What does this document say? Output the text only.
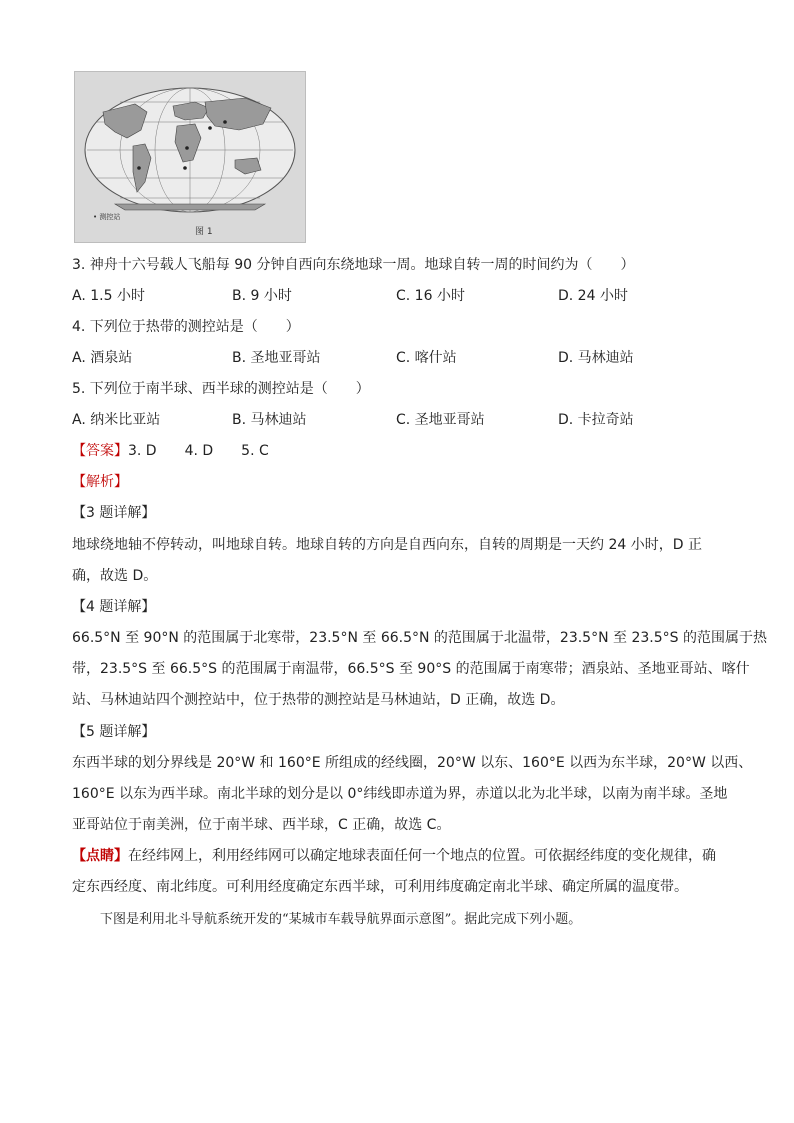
• 测控站
图 1
3. 神舟十六号载人飞船每 90 分钟自西向东绕地球一周。地球自转一周的时间约为（　　）
A. 1.5 小时	B. 9 小时	C. 16 小时	D. 24 小时
4. 下列位于热带的测控站是（　　）
A. 酒泉站	B. 圣地亚哥站	C. 喀什站	D. 马林迪站
5. 下列位于南半球、西半球的测控站是（　　）
A. 纳米比亚站	B. 马林迪站	C. 圣地亚哥站	D. 卡拉奇站
【答案】3. D　　4. D　　5. C
【解析】
【3 题详解】
地球绕地轴不停转动，叫地球自转。地球自转的方向是自西向东，自转的周期是一天约 24 小时，D 正
确，故选 D。
【4 题详解】
66.5°N 至 90°N 的范围属于北寒带，23.5°N 至 66.5°N 的范围属于北温带，23.5°N 至 23.5°S 的范围属于热
带，23.5°S 至 66.5°S 的范围属于南温带，66.5°S 至 90°S 的范围属于南寒带；酒泉站、圣地亚哥站、喀什
站、马林迪站四个测控站中，位于热带的测控站是马林迪站，D 正确，故选 D。
【5 题详解】
东西半球的划分界线是 20°W 和 160°E 所组成的经线圈，20°W 以东、160°E 以西为东半球，20°W 以西、
160°E 以东为西半球。南北半球的划分是以 0°纬线即赤道为界，赤道以北为北半球，以南为南半球。圣地
亚哥站位于南美洲，位于南半球、西半球，C 正确，故选 C。
【点睛】在经纬网上，利用经纬网可以确定地球表面任何一个地点的位置。可依据经纬度的变化规律，确
定东西经度、南北纬度。可利用经度确定东西半球，可利用纬度确定南北半球、确定所属的温度带。
下图是利用北斗导航系统开发的“某城市车载导航界面示意图”。据此完成下列小题。
